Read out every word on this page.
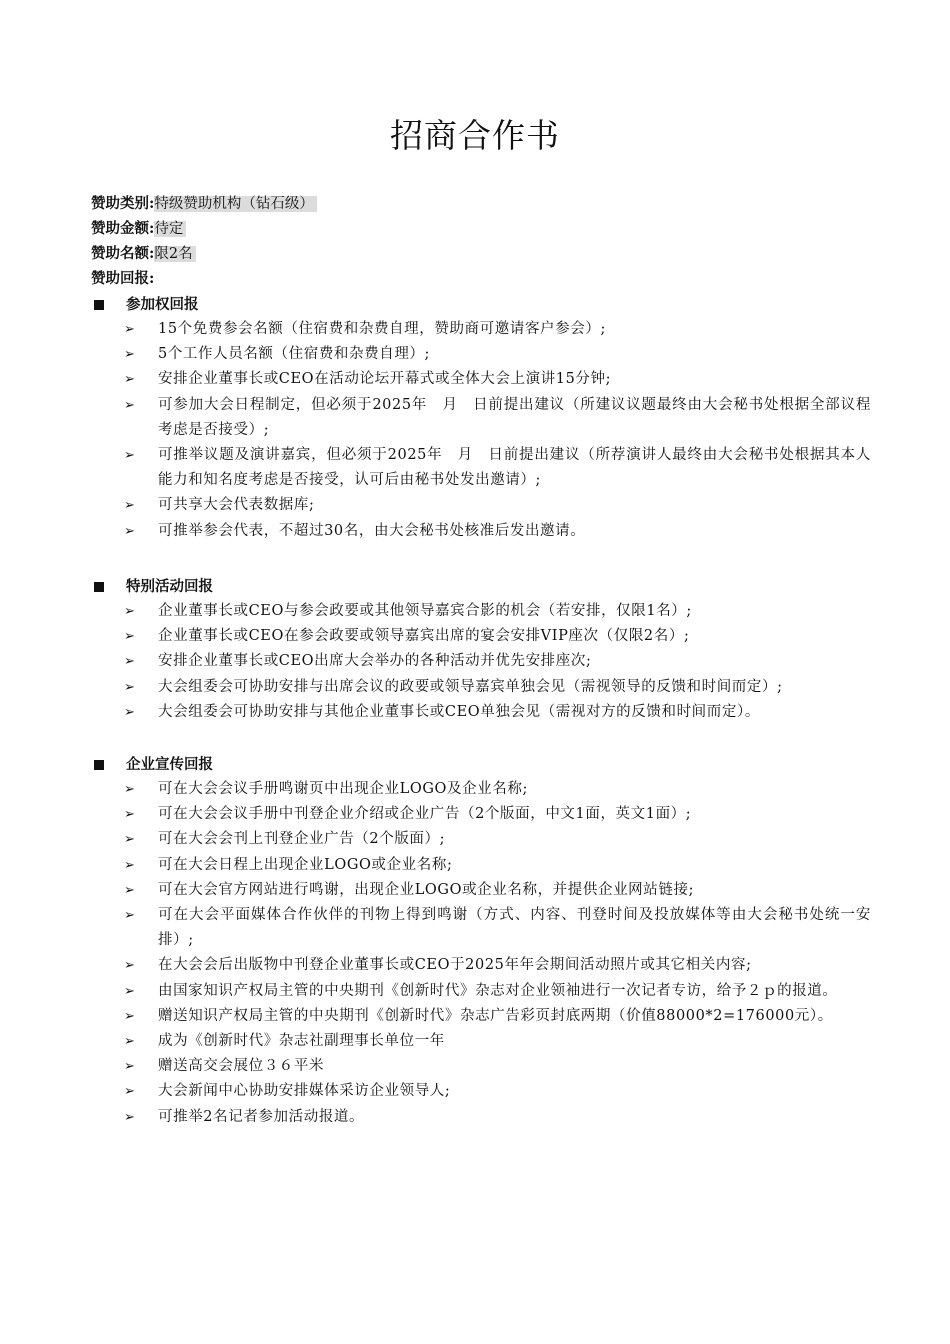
招商合作书
赞助类别:特级赞助机构（钻石级）
赞助金额:待定
赞助名额:限2名
赞助回报:
参加权回报
➢
15个免费参会名额（住宿费和杂费自理，赞助商可邀请客户参会）;
➢
5个工作人员名额（住宿费和杂费自理）;
➢
安排企业董事长或CEO在活动论坛开幕式或全体大会上演讲15分钟;
➢
可参加大会日程制定，但必须于2025年　月　日前提出建议（所建议议题最终由大会秘书处根据全部议程考虑是否接受）;
➢
可推举议题及演讲嘉宾，但必须于2025年　月　日前提出建议（所荐演讲人最终由大会秘书处根据其本人能力和知名度考虑是否接受，认可后由秘书处发出邀请）;
➢
可共享大会代表数据库;
➢
可推举参会代表，不超过30名，由大会秘书处核准后发出邀请。
特别活动回报
➢
企业董事长或CEO与参会政要或其他领导嘉宾合影的机会（若安排，仅限1名）;
➢
企业董事长或CEO在参会政要或领导嘉宾出席的宴会安排VIP座次（仅限2名）;
➢
安排企业董事长或CEO出席大会举办的各种活动并优先安排座次;
➢
大会组委会可协助安排与出席会议的政要或领导嘉宾单独会见（需视领导的反馈和时间而定）;
➢
大会组委会可协助安排与其他企业董事长或CEO单独会见（需视对方的反馈和时间而定）。
企业宣传回报
➢
可在大会会议手册鸣谢页中出现企业LOGO及企业名称;
➢
可在大会会议手册中刊登企业介绍或企业广告（2个版面，中文1面，英文1面）;
➢
可在大会会刊上刊登企业广告（2个版面）;
➢
可在大会日程上出现企业LOGO或企业名称;
➢
可在大会官方网站进行鸣谢，出现企业LOGO或企业名称，并提供企业网站链接;
➢
可在大会平面媒体合作伙伴的刊物上得到鸣谢（方式、内容、刊登时间及投放媒体等由大会秘书处统一安排）;
➢
在大会会后出版物中刊登企业董事长或CEO于2025年年会期间活动照片或其它相关内容;
➢
由国家知识产权局主管的中央期刊《创新时代》杂志对企业领袖进行一次记者专访，给予２ｐ的报道。
➢
赠送知识产权局主管的中央期刊《创新时代》杂志广告彩页封底两期（价值88000*2=176000元）。
➢
成为《创新时代》杂志社副理事长单位一年
➢
赠送高交会展位３６平米
➢
大会新闻中心协助安排媒体采访企业领导人;
➢
可推举2名记者参加活动报道。
